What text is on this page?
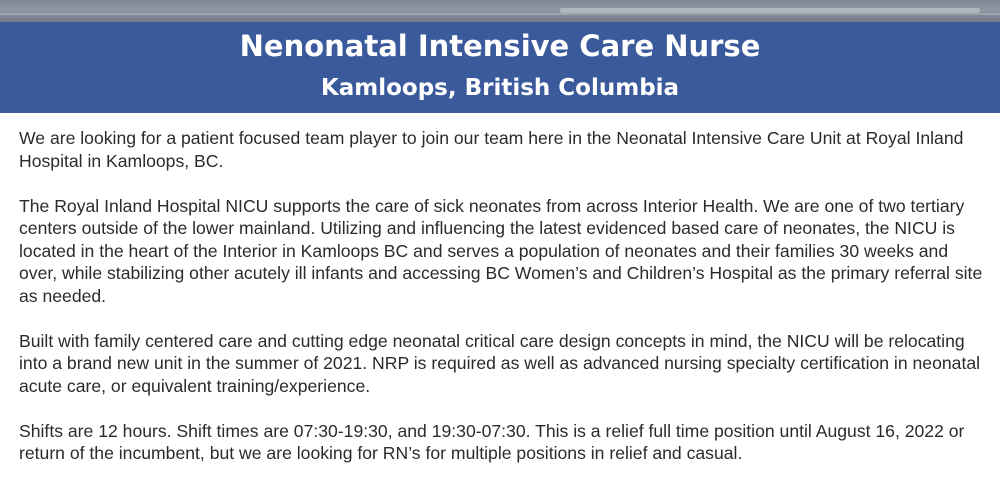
Nenonatal Intensive Care Nurse
Kamloops, British Columbia

We are looking for a patient focused team player to join our team here in the Neonatal Intensive Care Unit at Royal Inland Hospital in Kamloops, BC.

The Royal Inland Hospital NICU supports the care of sick neonates from across Interior Health. We are one of two tertiary centers outside of the lower mainland. Utilizing and influencing the latest evidenced based care of neonates, the NICU is located in the heart of the Interior in Kamloops BC and serves a population of neonates and their families 30 weeks and over, while stabilizing other acutely ill infants and accessing BC Women’s and Children’s Hospital as the primary referral site as needed.

Built with family centered care and cutting edge neonatal critical care design concepts in mind, the NICU will be relocating into a brand new unit in the summer of 2021. NRP is required as well as advanced nursing specialty certification in neonatal acute care, or equivalent training/experience.

Shifts are 12 hours. Shift times are 07:30-19:30, and 19:30-07:30. This is a relief full time position until August 16, 2022 or return of the incumbent, but we are looking for RN’s for multiple positions in relief and casual.
